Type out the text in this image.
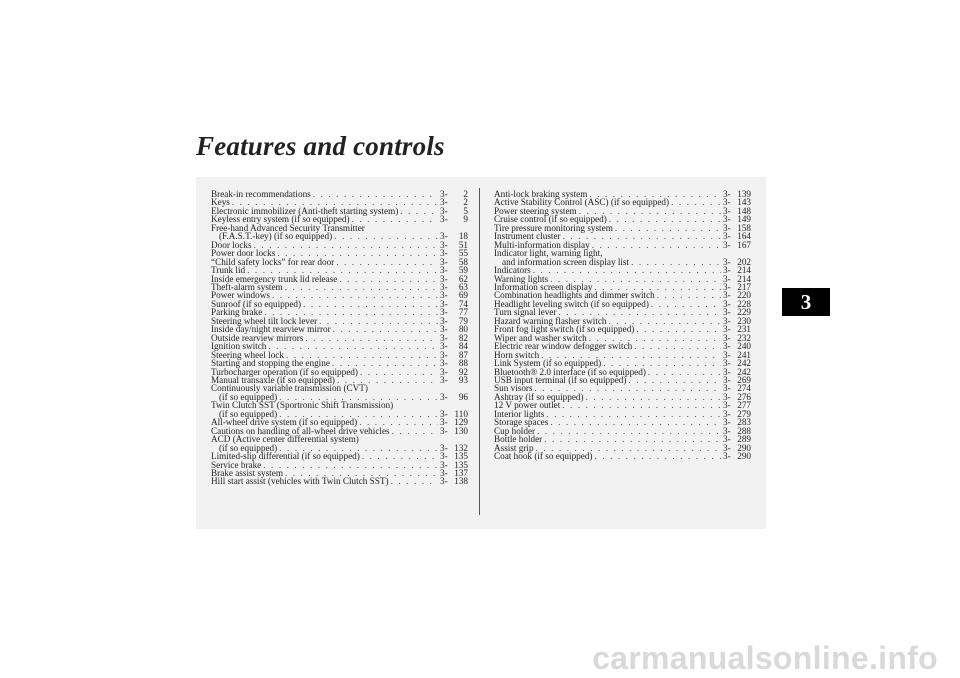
Features and controls
Break-in recommendations . . .	3-	2
Keys . . .	3-	2
Electronic immobilizer (Anti-theft starting system) . . .	3-	5
Keyless entry system (if so equipped) . . .	3-	9
Free-hand Advanced Security Transmitter
(F.A.S.T.-key) (if so equipped) . . .	3-	18
Door locks . . .	3-	51
Power door locks . . .	3-	55
“Child safety locks” for rear door . . .	3-	58
Trunk lid . . .	3-	59
Inside emergency trunk lid release . . .	3-	62
Theft-alarm system . . .	3-	63
Power windows . . .	3-	69
Sunroof (if so equipped) . . .	3-	74
Parking brake . . .	3-	77
Steering wheel tilt lock lever . . .	3-	79
Inside day/night rearview mirror . . .	3-	80
Outside rearview mirrors . . .	3-	82
Ignition switch . . .	3-	84
Steering wheel lock . . .	3-	87
Starting and stopping the engine . . .	3-	88
Turbocharger operation (if so equipped) . . .	3-	92
Manual transaxle (if so equipped) . . .	3-	93
Continuously variable transmission (CVT)
(if so equipped) . . .	3-	96
Twin Clutch SST (Sportronic Shift Transmission)
(if so equipped) . . .	3- 110
All-wheel drive system (if so equipped) . . .	3- 129
Cautions on handling of all-wheel drive vehicles . . .	3- 130
ACD (Active center differential system)
(if so equipped) . . .	3- 132
Limited-slip differential (if so equipped) . . .	3- 135
Service brake . . .	3- 135
Brake assist system . . .	3- 137
Hill start assist (vehicles with Twin Clutch SST) . . .	3- 138
Anti-lock braking system . . .	3- 139
Active Stability Control (ASC) (if so equipped) . . .	3- 143
Power steering system . . .	3- 148
Cruise control (if so equipped) . . .	3- 149
Tire pressure monitoring system . . .	3- 158
Instrument cluster . . .	3- 164
Multi-information display . . .	3- 167
Indicator light, warning light,
and information screen display list . . .	3- 202
Indicators . . .	3- 214
Warning lights . . .	3- 214
Information screen display . . .	3- 217
Combination headlights and dimmer switch . . .	3- 220
Headlight leveling switch (if so equipped) . . .	3- 228
Turn signal lever . . .	3- 229
Hazard warning flasher switch . . .	3- 230
Front fog light switch (if so equipped) . . .	3- 231
Wiper and washer switch . . .	3- 232
Electric rear window defogger switch . . .	3- 240
Horn switch . . .	3- 241
Link System (if so equipped) . . .	3- 242
Bluetooth® 2.0 interface (if so equipped) . . .	3- 242
USB input terminal (if so equipped) . . .	3- 269
Sun visors . . .	3- 274
Ashtray (if so equipped) . . .	3- 276
12 V power outlet . . .	3- 277
Interior lights . . .	3- 279
Storage spaces . . .	3- 283
Cup holder . . .	3- 288
Bottle holder . . .	3- 289
Assist grip . . .	3- 290
Coat hook (if so equipped) . . .	3- 290
3
carmanualsonline.info
